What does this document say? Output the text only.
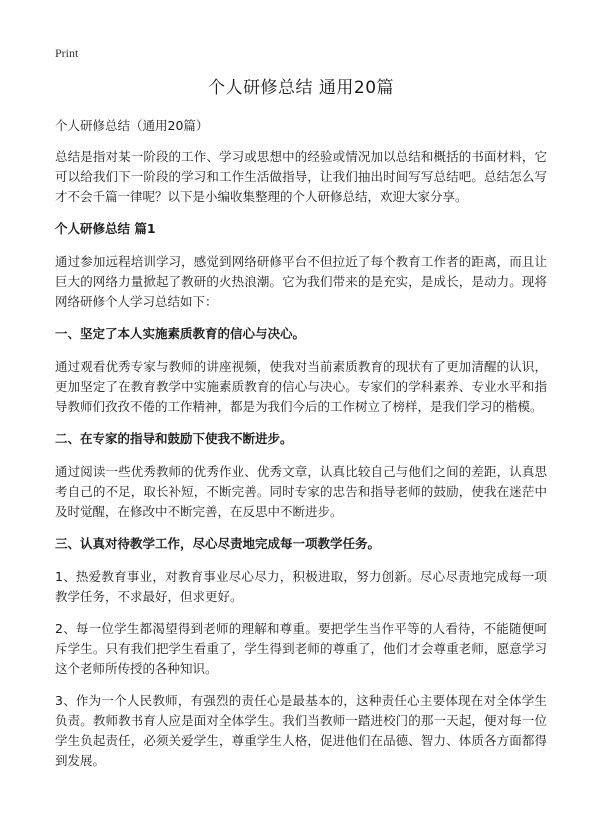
Print
个人研修总结 通用20篇
个人研修总结（通用20篇）

总结是指对某一阶段的工作、学习或思想中的经验或情况加以总结和概括的书面材料，它可以给我们下一阶段的学习和工作生活做指导，让我们抽出时间写写总结吧。总结怎么写才不会千篇一律呢？以下是小编收集整理的个人研修总结，欢迎大家分享。

个人研修总结 篇1

通过参加远程培训学习，感觉到网络研修平台不但拉近了每个教育工作者的距离，而且让巨大的网络力量掀起了教研的火热浪潮。它为我们带来的是充实，是成长，是动力。现将网络研修个人学习总结如下：

一、坚定了本人实施素质教育的信心与决心。

通过观看优秀专家与教师的讲座视频，使我对当前素质教育的现状有了更加清醒的认识，更加坚定了在教育教学中实施素质教育的信心与决心。专家们的学科素养、专业水平和指导教师们孜孜不倦的工作精神，都是为我们今后的工作树立了榜样，是我们学习的楷模。

二、在专家的指导和鼓励下使我不断进步。

通过阅读一些优秀教师的优秀作业、优秀文章，认真比较自己与他们之间的差距，认真思考自己的不足，取长补短，不断完善。同时专家的忠告和指导老师的鼓励，使我在迷茫中及时觉醒，在修改中不断完善，在反思中不断进步。

三、认真对待教学工作，尽心尽责地完成每一项教学任务。

1、热爱教育事业，对教育事业尽心尽力，积极进取，努力创新。尽心尽责地完成每一项教学任务，不求最好，但求更好。

2、每一位学生都渴望得到老师的理解和尊重。要把学生当作平等的人看待，不能随便呵斥学生。只有我们把学生看重了，学生得到老师的尊重了，他们才会尊重老师，愿意学习这个老师所传授的各种知识。

3、作为一个人民教师，有强烈的责任心是最基本的，这种责任心主要体现在对全体学生负责。教师教书育人应是面对全体学生。我们当教师一踏进校门的那一天起，便对每一位学生负起责任，必须关爱学生，尊重学生人格，促进他们在品德、智力、体质各方面都得到发展。
